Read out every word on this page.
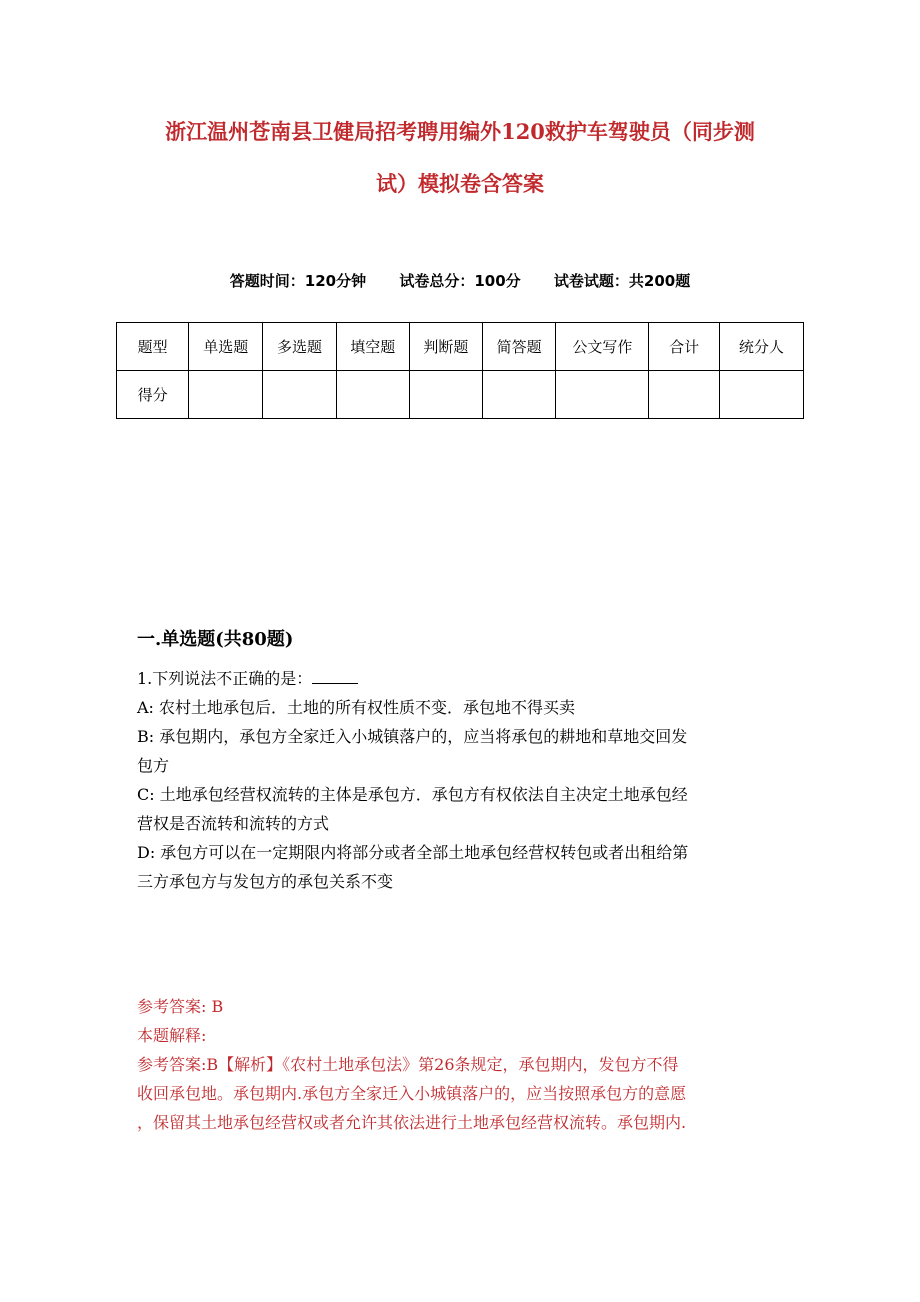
浙江温州苍南县卫健局招考聘用编外120救护车驾驶员（同步测
试）模拟卷含答案
答题时间：120分钟 试卷总分：100分 试卷试题：共200题
题型	单选题	多选题	填空题	判断题	简答题	公文写作	合计	统分人
得分								
一.单选题(共80题)

1.下列说法不正确的是：

A: 农村土地承包后．土地的所有权性质不变．承包地不得买卖

B: 承包期内，承包方全家迁入小城镇落户的，应当将承包的耕地和草地交回发

包方

C: 土地承包经营权流转的主体是承包方．承包方有权依法自主决定土地承包经

营权是否流转和流转的方式

D: 承包方可以在一定期限内将部分或者全部土地承包经营权转包或者出租给第

三方承包方与发包方的承包关系不变

参考答案: B

本题解释:

参考答案:B【解析】《农村土地承包法》第26条规定，承包期内，发包方不得

收回承包地。承包期内.承包方全家迁入小城镇落户的，应当按照承包方的意愿

，保留其土地承包经营权或者允许其依法进行土地承包经营权流转。承包期内.
